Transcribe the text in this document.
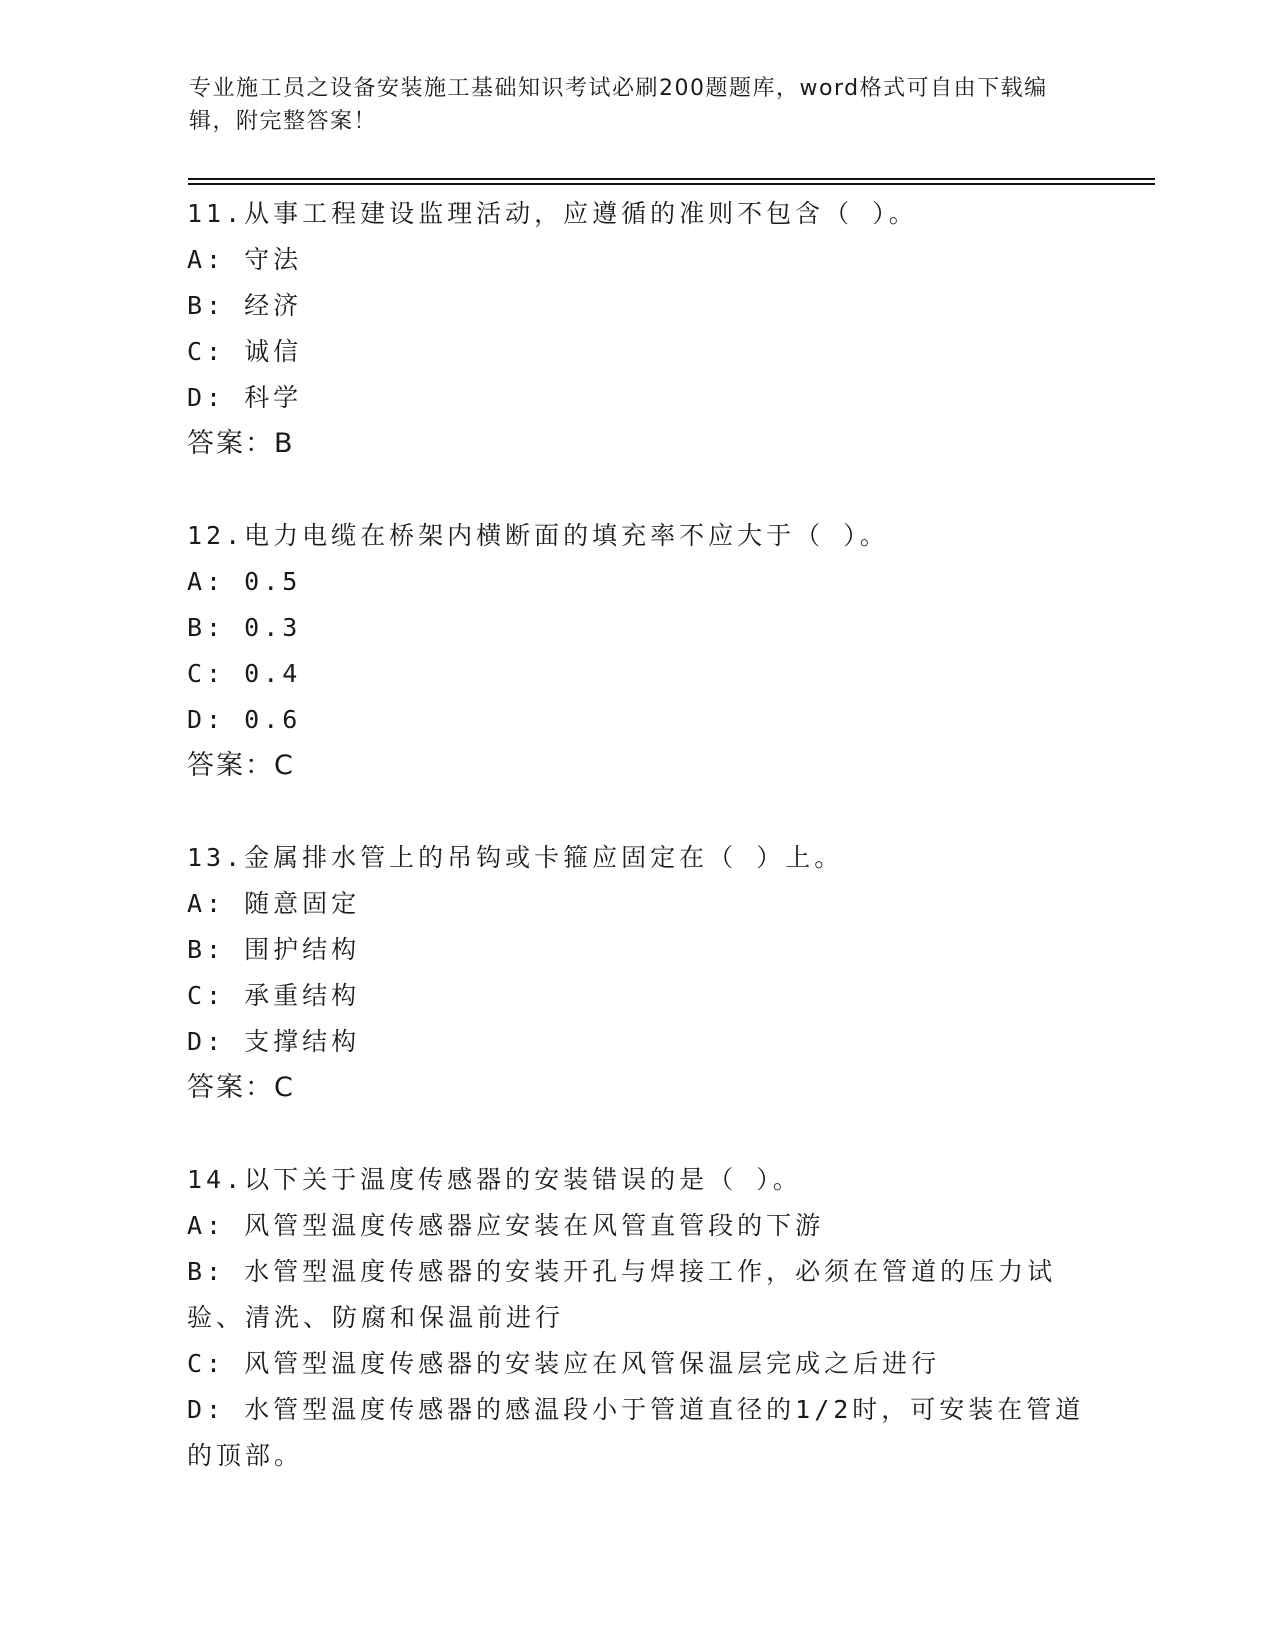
专业施工员之设备安装施工基础知识考试必刷200题题库，word格式可自由下载编辑，附完整答案！

11.从事工程建设监理活动，应遵循的准则不包含（ ）。

A: 守法

B: 经济

C: 诚信

D: 科学

答案：B

12.电力电缆在桥架内横断面的填充率不应大于（ ）。

A: 0.5

B: 0.3

C: 0.4

D: 0.6

答案：C

13.金属排水管上的吊钩或卡箍应固定在（ ）上。

A: 随意固定

B: 围护结构

C: 承重结构

D: 支撑结构

答案：C

14.以下关于温度传感器的安装错误的是（ ）。

A: 风管型温度传感器应安装在风管直管段的下游

B: 水管型温度传感器的安装开孔与焊接工作，必须在管道的压力试验、清洗、防腐和保温前进行

C: 风管型温度传感器的安装应在风管保温层完成之后进行

D: 水管型温度传感器的感温段小于管道直径的1/2时，可安装在管道的顶部。
